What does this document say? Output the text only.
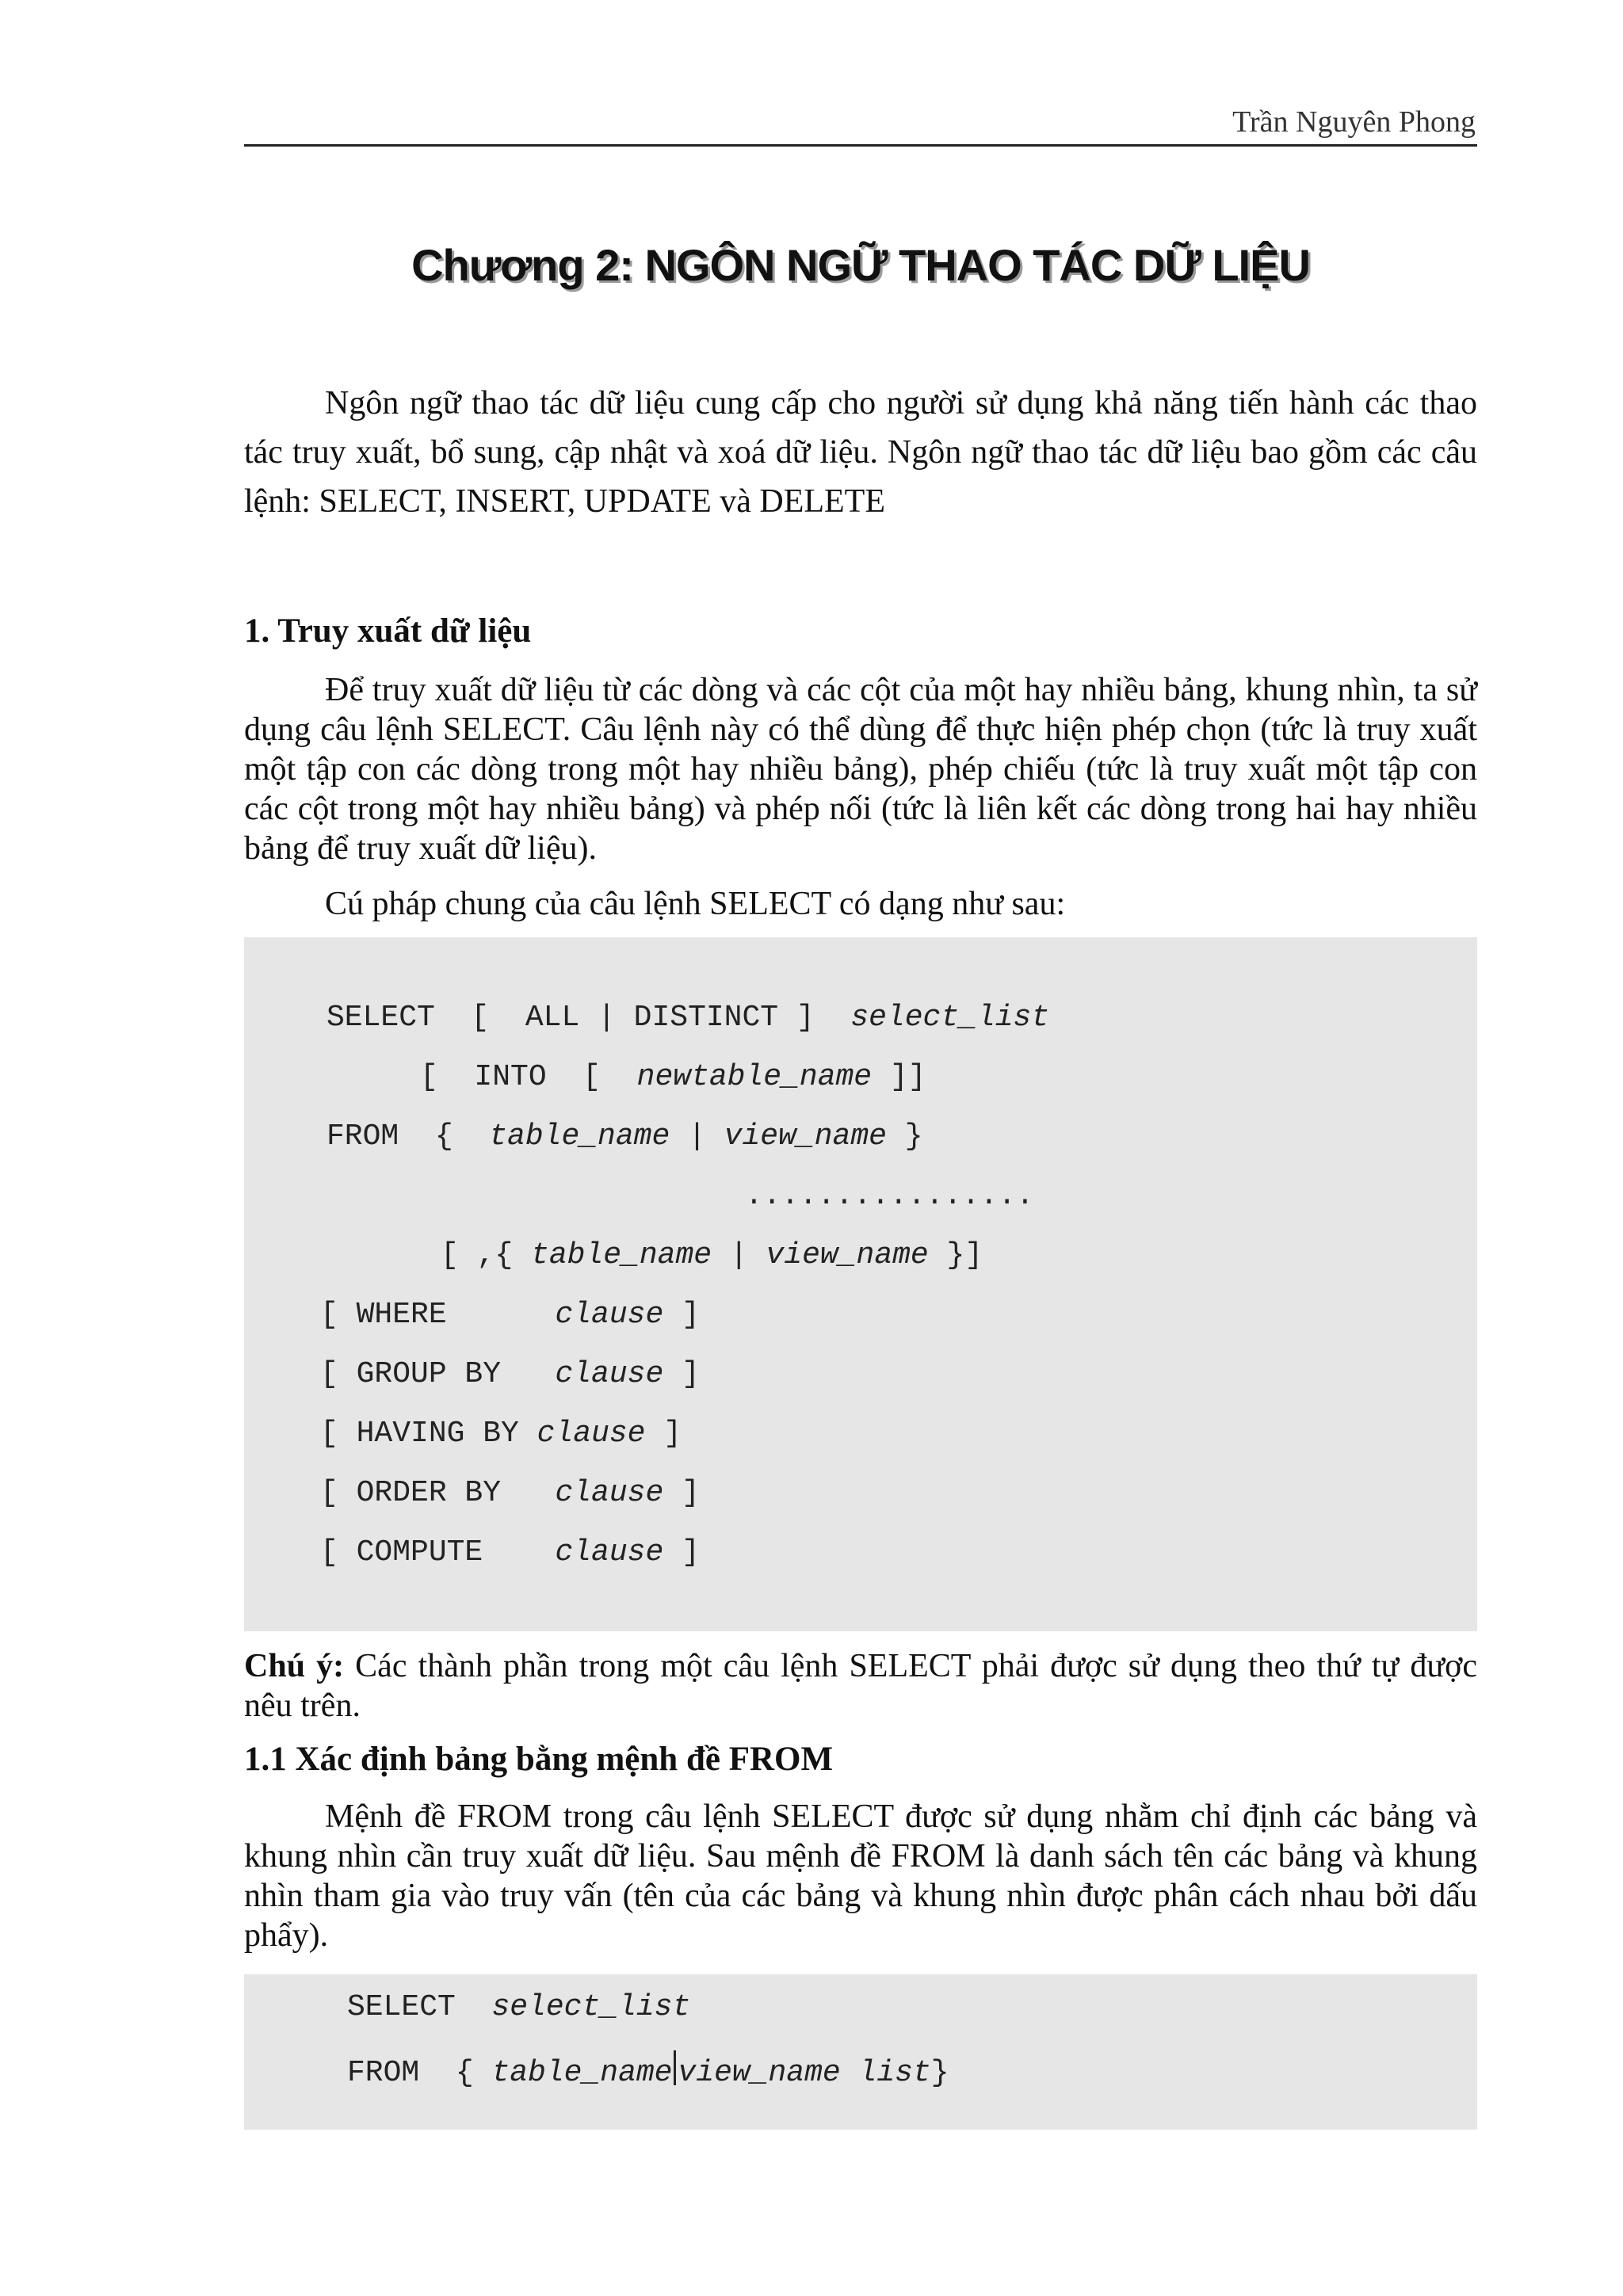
Trần Nguyên Phong
Chương 2: NGÔN NGỮ THAO TÁC DỮ LIỆU

Ngôn ngữ thao tác dữ liệu cung cấp cho người sử dụng khả năng tiến hành các thao tác truy xuất, bổ sung, cập nhật và xoá dữ liệu. Ngôn ngữ thao tác dữ liệu bao gồm các câu lệnh: SELECT, INSERT, UPDATE và DELETE

1. Truy xuất dữ liệu

Để truy xuất dữ liệu từ các dòng và các cột của một hay nhiều bảng, khung nhìn, ta sử dụng câu lệnh SELECT. Câu lệnh này có thể dùng để thực hiện phép chọn (tức là truy xuất một tập con các dòng trong một hay nhiều bảng), phép chiếu (tức là truy xuất một tập con các cột trong một hay nhiều bảng) và phép nối (tức là liên kết các dòng trong hai hay nhiều bảng để truy xuất dữ liệu).

Cú pháp chung của câu lệnh SELECT có dạng như sau:

SELECT  [  ALL | DISTINCT ]  select_list
[  INTO  [  newtable_name ]]
FROM  {  table_name | view_name }
................
[ ,{ table_name | view_name }]
[ WHERE      clause ]
[ GROUP BY   clause ]
[ HAVING BY clause ]
[ ORDER BY   clause ]
[ COMPUTE    clause ]

Chú ý: Các thành phần trong một câu lệnh SELECT phải được sử dụng theo thứ tự được nêu trên.

1.1 Xác định bảng bằng mệnh đề FROM

Mệnh đề FROM trong câu lệnh SELECT được sử dụng nhằm chỉ định các bảng và khung nhìn cần truy xuất dữ liệu. Sau mệnh đề FROM là danh sách tên các bảng và khung nhìn tham gia vào truy vấn (tên của các bảng và khung nhìn được phân cách nhau bởi dấu phẩy).

SELECT  select_list
FROM  { table_name view_name list}
